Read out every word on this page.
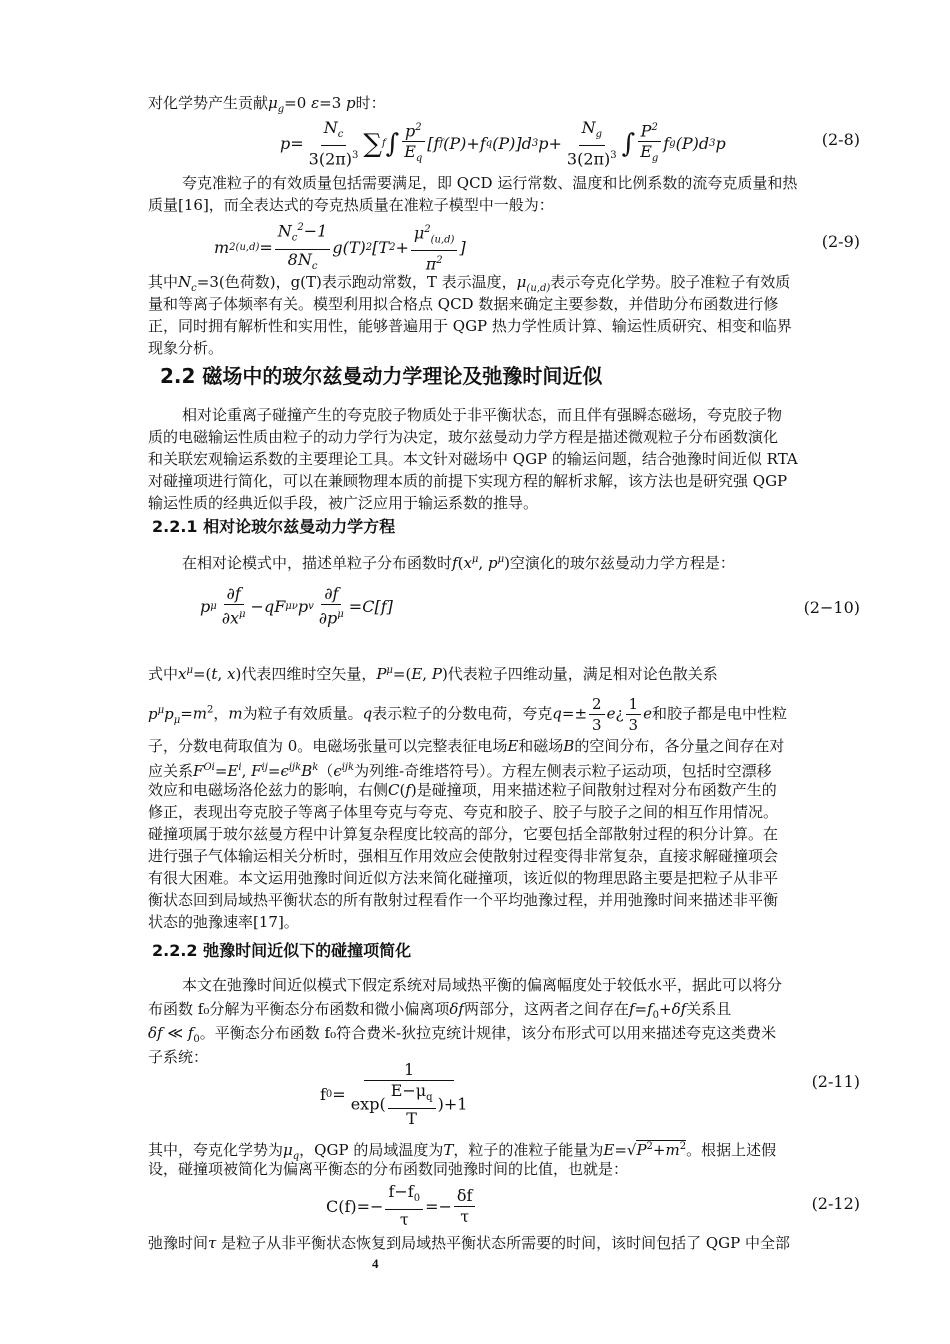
对化学势产生贡献$\mu_g=0$ ε=3 p时：
$p = \frac{N_c}{3(2\pi)^3}$ ∑ f ∫ $\frac{p^2}{E_q} [f$ f (P)+f q (P)]d 3 $p+ \frac{N_g}{3(2\pi)^3}$ ∫ $\frac{P^2}{E_g}$ f g (P)d 3 p	(2-8)
夸克准粒子的有效质量包括需要满足，即 QCD 运行常数、温度和比例系数的流夸克质量和热
质量[16]，而全表达式的夸克热质量在准粒子模型中一般为：
m 2 $(u,d) = \frac{N_c^2-1}{8N_c} g(T)$ 2 [T $2 + \frac{\mu^2_{(u,d)}}{\pi^2}$ ]	(2-9)
其中$N_c=3$(色荷数)，g(T)表示跑动常数，T 表示温度，$\mu_{(u,d)}$表示夸克化学势。胶子准粒子有效质
量和等离子体频率有关。模型利用拟合格点 QCD 数据来确定主要参数，并借助分布函数进行修
正，同时拥有解析性和实用性，能够普遍用于 QGP 热力学性质计算、输运性质研究、相变和临界
现象分析。
2.2 磁场中的玻尔兹曼动力学理论及弛豫时间近似
相对论重离子碰撞产生的夸克胶子物质处于非平衡状态，而且伴有强瞬态磁场，夸克胶子物
质的电磁输运性质由粒子的动力学行为决定，玻尔兹曼动力学方程是描述微观粒子分布函数演化
和关联宏观输运系数的主要理论工具。本文针对磁场中 QGP 的输运问题，结合弛豫时间近似 RTA
对碰撞项进行简化，可以在兼顾物理本质的前提下实现方程的解析求解，该方法也是研究强 QGP
输运性质的经典近似手段，被广泛应用于输运系数的推导。
2.2.1 相对论玻尔兹曼动力学方程
在相对论模式中，描述单粒子分布函数时$f(x^\mu$, $p^\mu$)空演化的玻尔兹曼动力学方程是：
p μ $\frac{\partial f}{\partial x^\mu} -qF$ μν p v $\frac{\partial f}{\partial p^\mu} =C[f]$	(2−10)
式中$x^\mu=(t$, x)代表四维时空矢量，$P^\mu=(E$, P)代表粒子四维动量，满足相对论色散关系
$p^\mu p_\mu=m^2$，m为粒子有效质量。q表示粒子的分数电荷，夸克$q=\pm \frac{2}{3}$ e¿ $\frac{1}{3}$ e和胶子都是电中性粒
子，分数电荷取值为 0。电磁场张量可以完整表征电场E和磁场B的空间分布，各分量之间存在对
应关系$F^{Oi}=E^i$, $F^{ij}=\epsilon^{ijk}B^k(\epsilon^{ijk}$为列维-奇维塔符号）。方程左侧表示粒子运动项，包括时空漂移
效应和电磁场洛伦兹力的影响，右侧C(f)是碰撞项，用来描述粒子间散射过程对分布函数产生的
修正，表现出夸克胶子等离子体里夸克与夸克、夸克和胶子、胶子与胶子之间的相互作用情况。
碰撞项属于玻尔兹曼方程中计算复杂程度比较高的部分，它要包括全部散射过程的积分计算。在
进行强子气体输运相关分析时，强相互作用效应会使散射过程变得非常复杂，直接求解碰撞项会
有很大困难。本文运用弛豫时间近似方法来简化碰撞项，该近似的物理思路主要是把粒子从非平
衡状态回到局域热平衡状态的所有散射过程看作一个平均弛豫过程，并用弛豫时间来描述非平衡
状态的弛豫速率[17]。
2.2.2 弛豫时间近似下的碰撞项简化
本文在弛豫时间近似模式下假定系统对局域热平衡的偏离幅度处于较低水平，据此可以将分
布函数 f₀分解为平衡态分布函数和微小偏离项δf两部分，这两者之间存在$f=f_0+\delta f$关系且
δf ≪ $f_0$。平衡态分布函数 f₀符合费米-狄拉克统计规律，该分布形式可以用来描述夸克这类费米
子系统：
f $0 = \frac{1}{\exp( \frac{E-\mu_q}{T} )+1}$	(2-11)
其中，夸克化学势为$\mu_q$，QGP 的局域温度为T，粒子的准粒子能量为$E=√P^2+m^2$。根据上述假
设，碰撞项被简化为偏离平衡态的分布函数同弛豫时间的比值，也就是：
$C(f)=- \frac{f-f_0}{\tau} =- \frac{\delta f}{\tau}$	(2-12)
弛豫时间τ 是粒子从非平衡状态恢复到局域热平衡状态所需要的时间，该时间包括了 QGP 中全部
4
